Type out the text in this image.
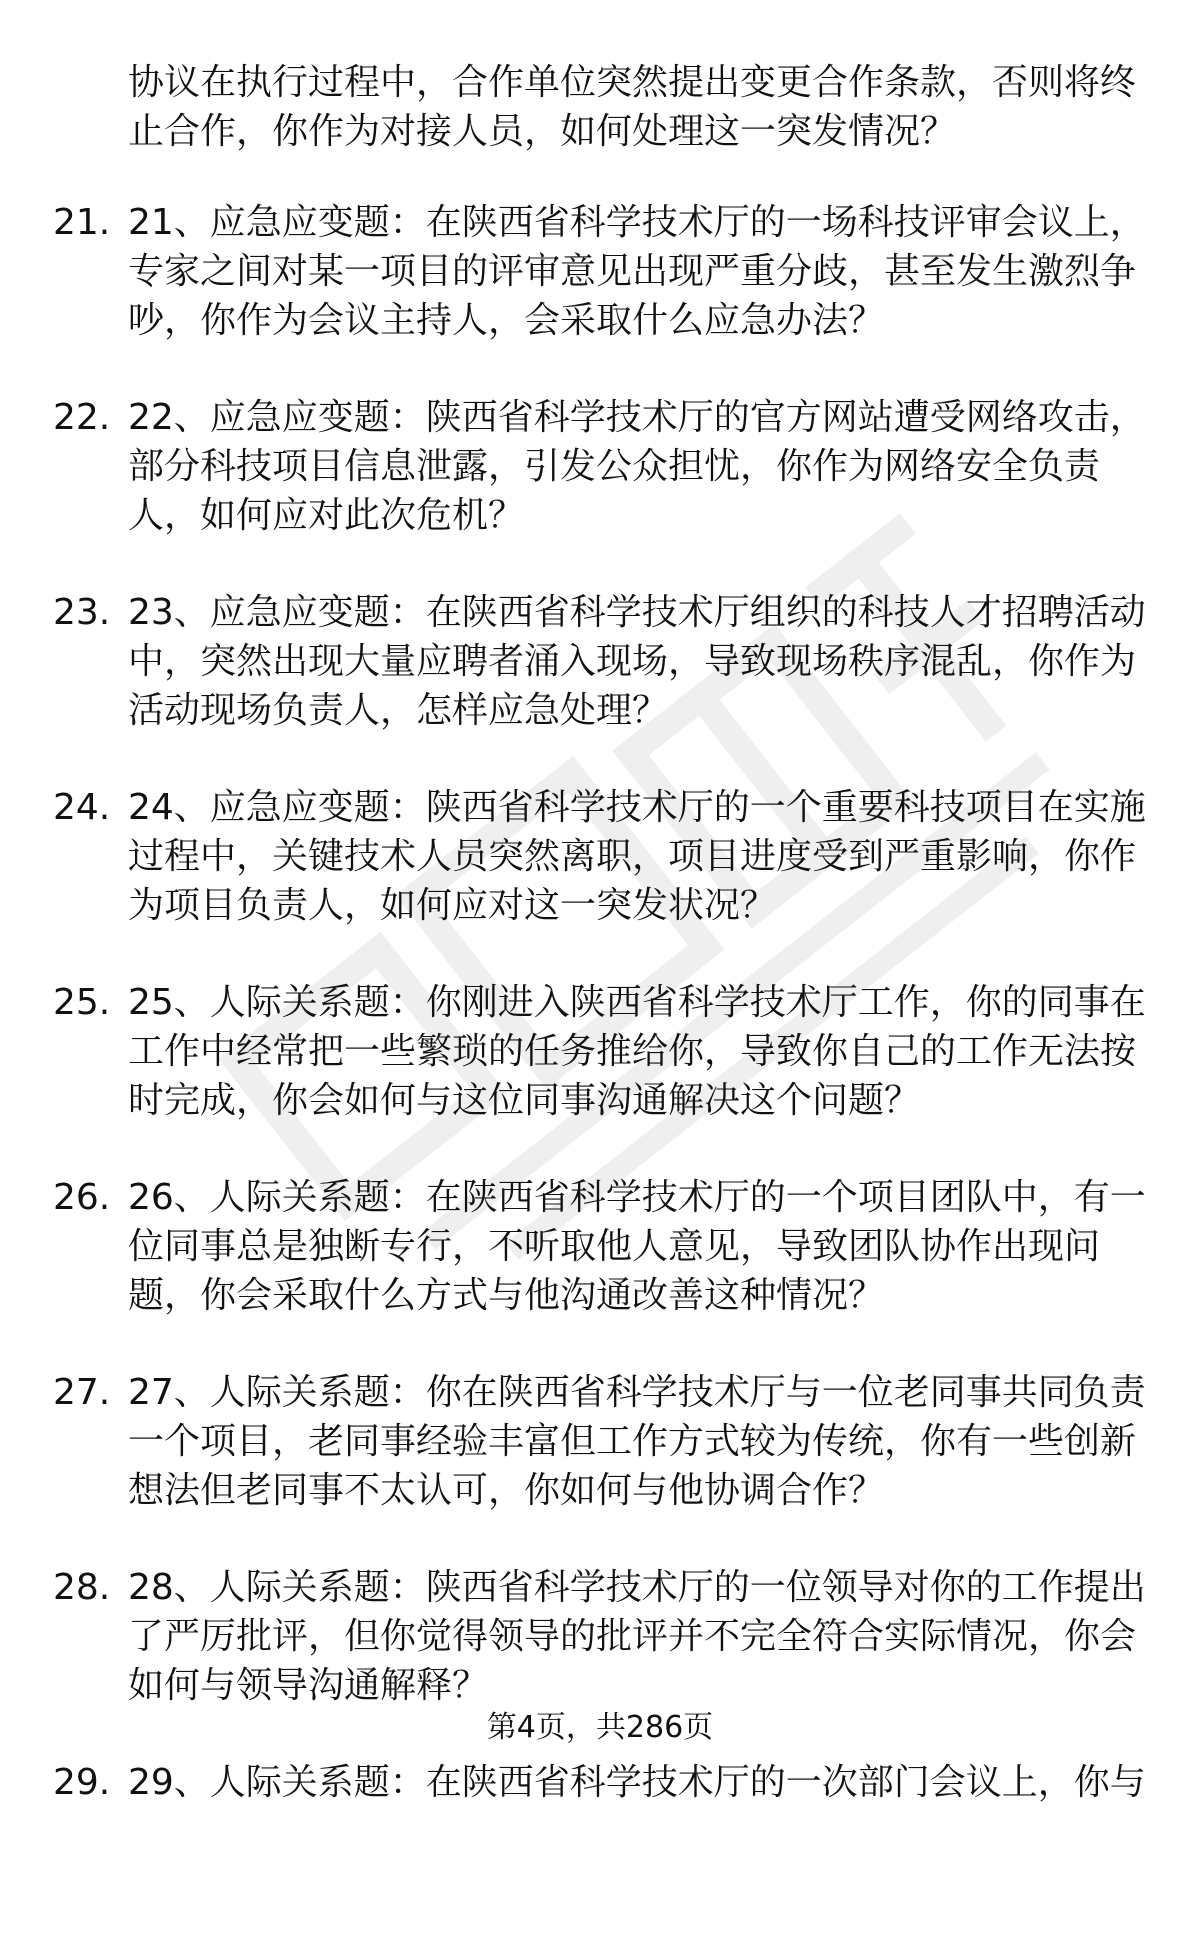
协议在执行过程中，合作单位突然提出变更合作条款，否则将终止合作，你作为对接人员，如何处理这一突发情况？

21. 21、应急应变题：在陕西省科学技术厅的一场科技评审会议上，专家之间对某一项目的评审意见出现严重分歧，甚至发生激烈争吵，你作为会议主持人，会采取什么应急办法？

22. 22、应急应变题：陕西省科学技术厅的官方网站遭受网络攻击，部分科技项目信息泄露，引发公众担忧，你作为网络安全负责人，如何应对此次危机？

23. 23、应急应变题：在陕西省科学技术厅组织的科技人才招聘活动中，突然出现大量应聘者涌入现场，导致现场秩序混乱，你作为活动现场负责人，怎样应急处理？

24. 24、应急应变题：陕西省科学技术厅的一个重要科技项目在实施过程中，关键技术人员突然离职，项目进度受到严重影响，你作为项目负责人，如何应对这一突发状况？

25. 25、人际关系题：你刚进入陕西省科学技术厅工作，你的同事在工作中经常把一些繁琐的任务推给你，导致你自己的工作无法按时完成，你会如何与这位同事沟通解决这个问题？

26. 26、人际关系题：在陕西省科学技术厅的一个项目团队中，有一位同事总是独断专行，不听取他人意见，导致团队协作出现问题，你会采取什么方式与他沟通改善这种情况？

27. 27、人际关系题：你在陕西省科学技术厅与一位老同事共同负责一个项目，老同事经验丰富但工作方式较为传统，你有一些创新想法但老同事不太认可，你如何与他协调合作？

28. 28、人际关系题：陕西省科学技术厅的一位领导对你的工作提出了严厉批评，但你觉得领导的批评并不完全符合实际情况，你会如何与领导沟通解释？

29. 29、人际关系题：在陕西省科学技术厅的一次部门会议上，你与

第4页，共286页
